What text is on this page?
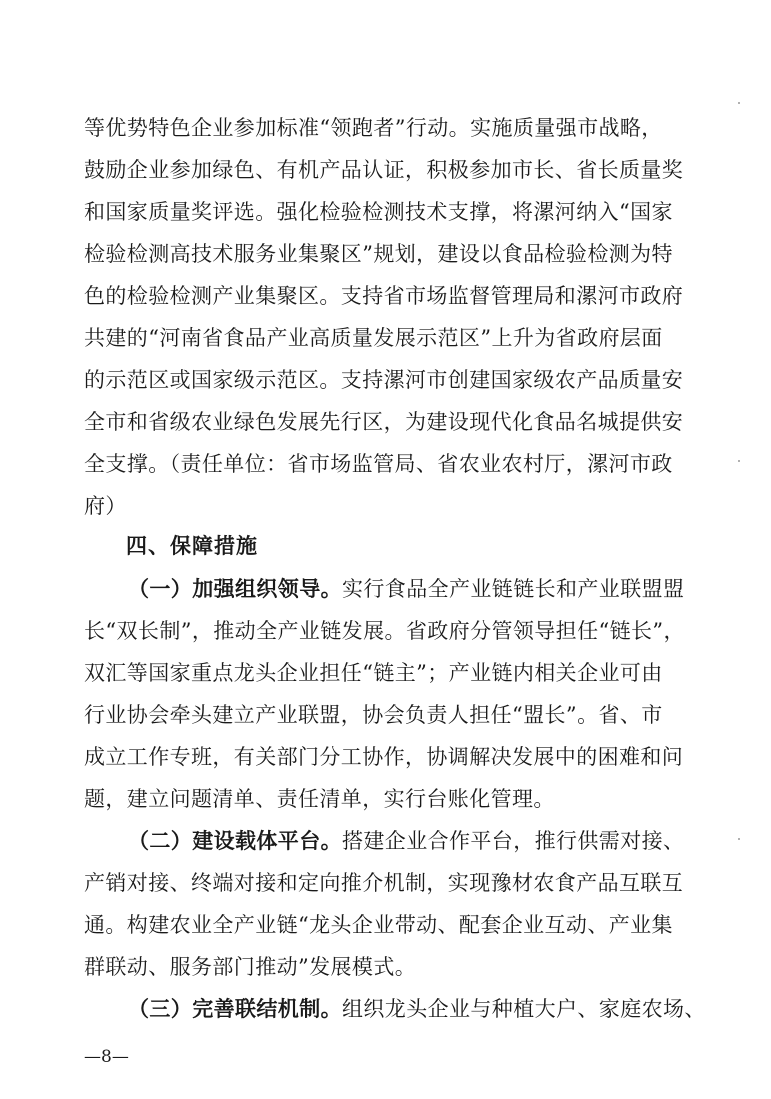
等优势特色企业参加标准“领跑者”行动。实施质量强市战略，
鼓励企业参加绿色、有机产品认证，积极参加市长、省长质量奖
和国家质量奖评选。强化检验检测技术支撑，将漯河纳入“国家
检验检测高技术服务业集聚区”规划，建设以食品检验检测为特
色的检验检测产业集聚区。支持省市场监督管理局和漯河市政府
共建的“河南省食品产业高质量发展示范区”上升为省政府层面
的示范区或国家级示范区。支持漯河市创建国家级农产品质量安
全市和省级农业绿色发展先行区，为建设现代化食品名城提供安
全支撑。（责任单位：省市场监管局、省农业农村厅，漯河市政
府）
四、保障措施
（一）加强组织领导。实行食品全产业链链长和产业联盟盟
长“双长制”，推动全产业链发展。省政府分管领导担任“链长”，
双汇等国家重点龙头企业担任“链主”；产业链内相关企业可由
行业协会牵头建立产业联盟，协会负责人担任“盟长”。省、市
成立工作专班，有关部门分工协作，协调解决发展中的困难和问
题，建立问题清单、责任清单，实行台账化管理。
（二）建设载体平台。搭建企业合作平台，推行供需对接、
产销对接、终端对接和定向推介机制，实现豫材农食产品互联互
通。构建农业全产业链“龙头企业带动、配套企业互动、产业集
群联动、服务部门推动”发展模式。
（三）完善联结机制。组织龙头企业与种植大户、家庭农场、
—8—
